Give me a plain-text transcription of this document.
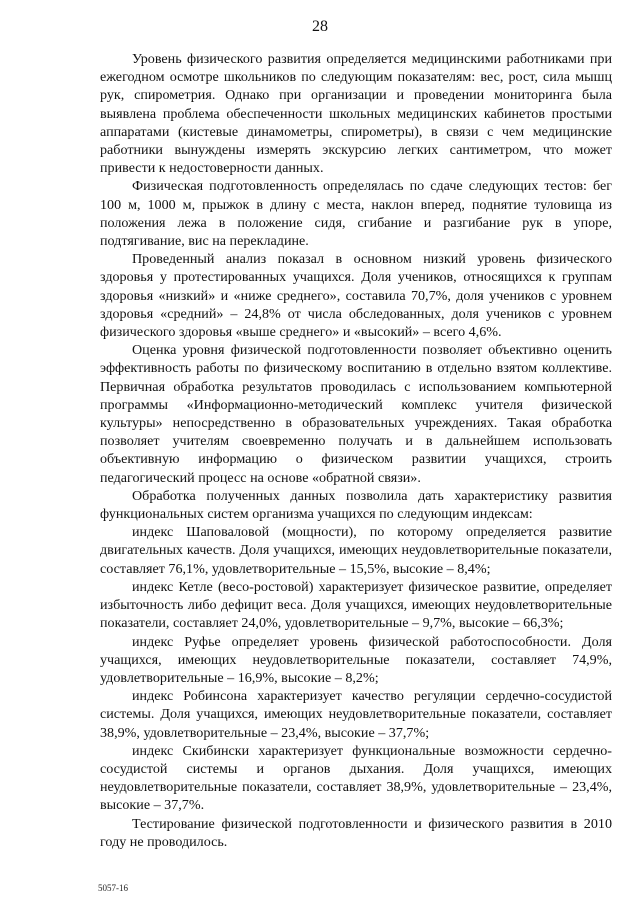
28

Уровень физического развития определяется медицинскими работниками при ежегодном осмотре школьников по следующим показателям: вес, рост, сила мышц рук, спирометрия. Однако при организации и проведении мониторинга была выявлена проблема обеспеченности школьных медицинских кабинетов простыми аппаратами (кистевые динамометры, спирометры), в связи с чем медицинские работники вынуждены измерять экскурсию легких сантиметром, что может привести к недостоверности данных.

Физическая подготовленность определялась по сдаче следующих тестов: бег 100 м, 1000 м, прыжок в длину с места, наклон вперед, поднятие туловища из положения лежа в положение сидя, сгибание и разгибание рук в упоре, подтягивание, вис на перекладине.

Проведенный анализ показал в основном низкий уровень физического здоровья у протестированных учащихся. Доля учеников, относящихся к группам здоровья «низкий» и «ниже среднего», составила 70,7%, доля учеников с уровнем здоровья «средний» – 24,8% от числа обследованных, доля учеников с уровнем физического здоровья «выше среднего» и «высокий» – всего 4,6%.

Оценка уровня физической подготовленности позволяет объективно оценить эффективность работы по физическому воспитанию в отдельно взятом коллективе. Первичная обработка результатов проводилась с использованием компьютерной программы «Информационно-методический комплекс учителя физической культуры» непосредственно в образовательных учреждениях. Такая обработка позволяет учителям своевременно получать и в дальнейшем использовать объективную информацию о физическом развитии учащихся, строить педагогический процесс на основе «обратной связи».

Обработка полученных данных позволила дать характеристику развития функциональных систем организма учащихся по следующим индексам:

индекс Шаповаловой (мощности), по которому определяется развитие двигательных качеств. Доля учащихся, имеющих неудовлетворительные показатели, составляет 76,1%, удовлетворительные – 15,5%, высокие – 8,4%;

индекс Кетле (весо-ростовой) характеризует физическое развитие, определяет избыточность либо дефицит веса. Доля учащихся, имеющих неудовлетворительные показатели, составляет 24,0%, удовлетворительные – 9,7%, высокие – 66,3%;

индекс Руфье определяет уровень физической работоспособности. Доля учащихся, имеющих неудовлетворительные показатели, составляет 74,9%, удовлетворительные – 16,9%, высокие – 8,2%;

индекс Робинсона характеризует качество регуляции сердечно-сосудистой системы. Доля учащихся, имеющих неудовлетворительные показатели, составляет 38,9%, удовлетворительные – 23,4%, высокие – 37,7%;

индекс Скибински характеризует функциональные возможности сердечно-сосудистой системы и органов дыхания. Доля учащихся, имеющих неудовлетворительные показатели, составляет 38,9%, удовлетворительные – 23,4%, высокие – 37,7%.

Тестирование физической подготовленности и физического развития в 2010 году не проводилось.

5057-16
